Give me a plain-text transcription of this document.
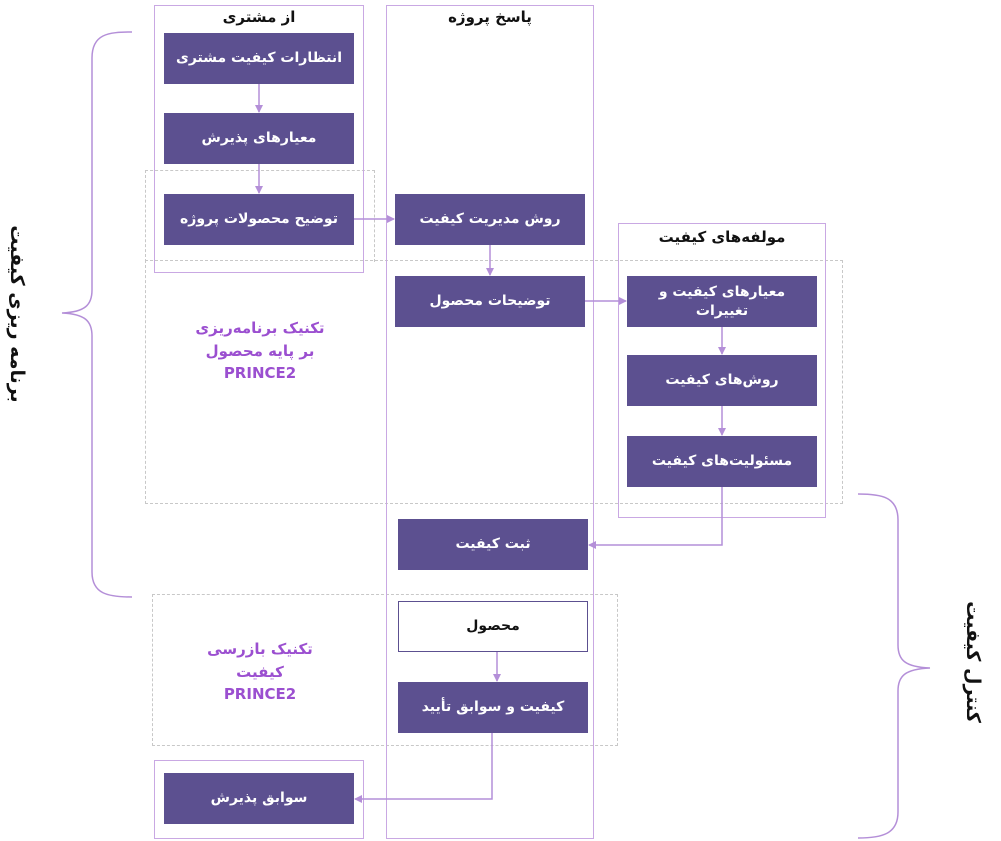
از مشتری	پاسخ پروژه
مولفه‌های کیفیت
انتظارات کیفیت مشتری
معیارهای پذیرش
توضیح محصولات پروژه	روش مدیریت کیفیت
توضیحات محصول
معیارهای کیفیت و تغییرات
روش‌های کیفیت
مسئولیت‌های کیفیت
ثبت کیفیت
محصول
کیفیت و سوابق تأیید
سوابق پذیرش
تکنیک برنامه‌ریزی
بر پایه محصول
PRINCE2
تکنیک بازرسی
کیفیت
PRINCE2
برنامه ریزی کیفیت
کنترل کیفیت
